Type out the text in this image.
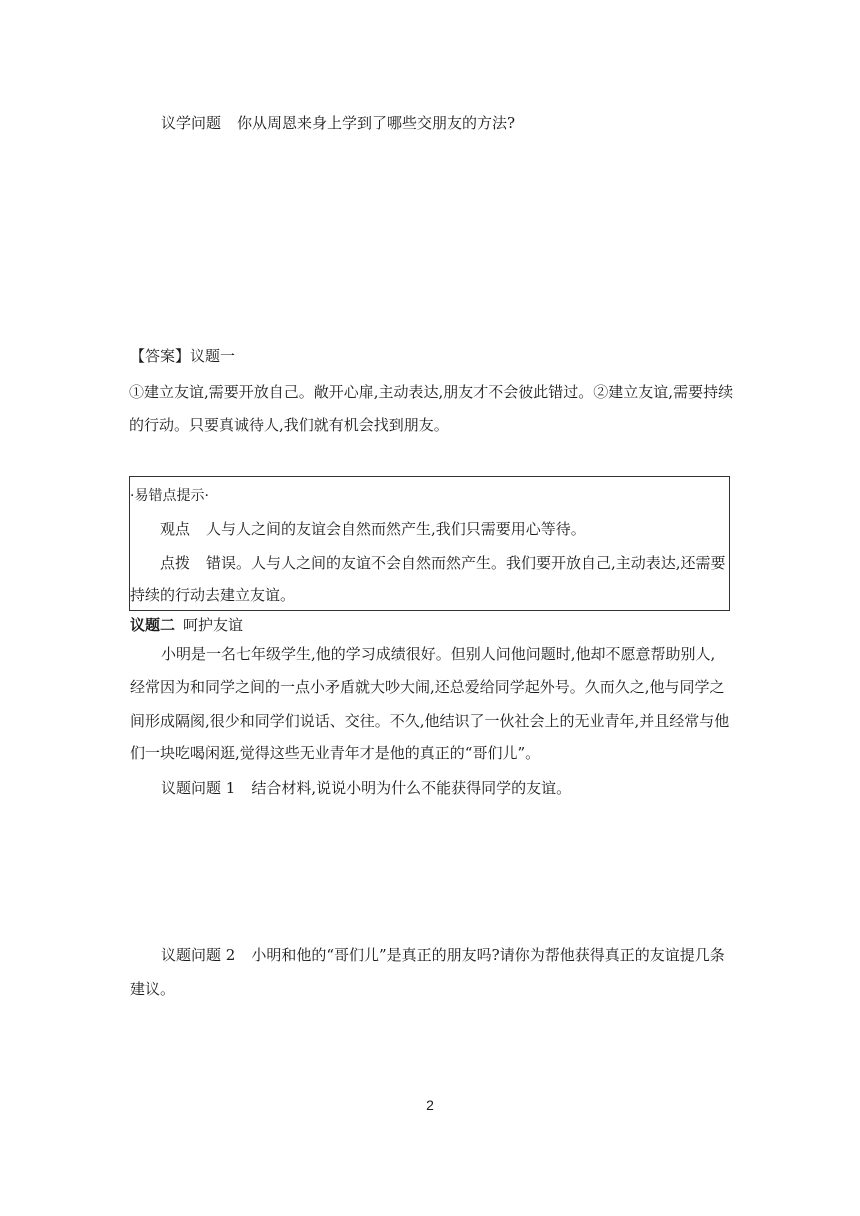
议学问题 你从周恩来身上学到了哪些交朋友的方法?
【答案】议题一
①建立友谊,需要开放自己。敞开心扉,主动表达,朋友才不会彼此错过。②建立友谊,需要持续
的行动。只要真诚待人,我们就有机会找到朋友。
·易错点提示·
观点 人与人之间的友谊会自然而然产生,我们只需要用心等待。
点拨 错误。人与人之间的友谊不会自然而然产生。我们要开放自己,主动表达,还需要
持续的行动去建立友谊。
议题二 呵护友谊
小明是一名七年级学生,他的学习成绩很好。但别人问他问题时,他却不愿意帮助别人,
经常因为和同学之间的一点小矛盾就大吵大闹,还总爱给同学起外号。久而久之,他与同学之
间形成隔阂,很少和同学们说话、交往。不久,他结识了一伙社会上的无业青年,并且经常与他
们一块吃喝闲逛,觉得这些无业青年才是他的真正的“哥们儿”。
议题问题 1 结合材料,说说小明为什么不能获得同学的友谊。
议题问题 2 小明和他的“哥们儿”是真正的朋友吗?请你为帮他获得真正的友谊提几条
建议。
2
